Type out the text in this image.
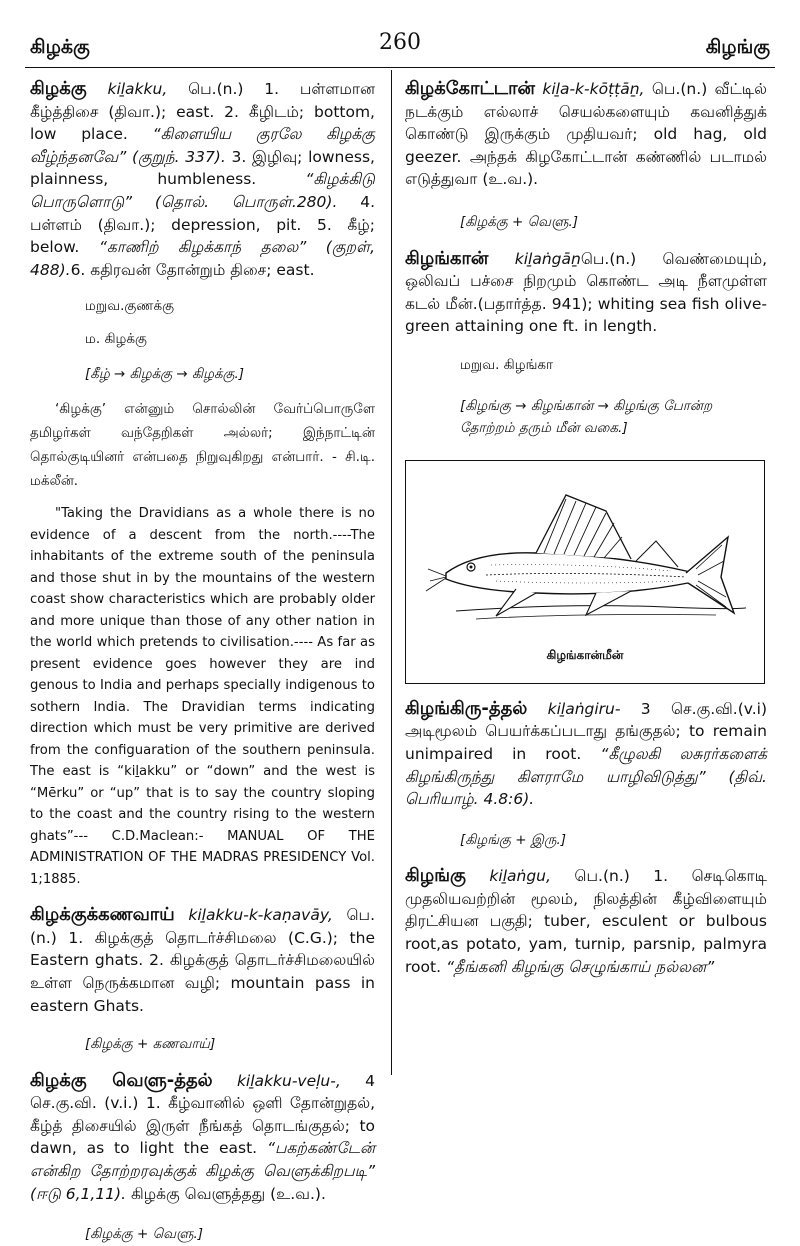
கிழக்கு	260	கிழங்கு

கிழக்கு kiḻakku, பெ.(n.) 1. பள்ளமான கீழ்த்திசை (திவா.); east. 2. கீழிடம்; bottom, low place. “கிளையிய குரலே கிழக்கு வீழ்ந்தனவே” (குறுந். 337). 3. இழிவு; lowness, plainness, humbleness. “கிழக்கிடு பொருளொடு” (தொல். பொருள்.280). 4. பள்ளம் (திவா.); depression, pit. 5. கீழ்; below. “காணிற் கிழக்காந் தலை” (குறள், 488).6. கதிரவன் தோன்றும் திசை; east.

மறுவ.குணக்கு

ம. கிழக்கு

[கீழ் → கிழக்கு → கிழக்கு.]

‘கிழக்கு’ என்னும் சொல்லின் வேர்ப்பொருளே தமிழர்கள் வந்தேறிகள் அல்லர்; இந்நாட்டின் தொல்குடியினர் என்பதை நிறுவுகிறது என்பார். - சி.டி. மக்லீன்.

"Taking the Dravidians as a whole there is no evidence of a descent from the north.----The inhabitants of the extreme south of the peninsula and those shut in by the mountains of the western coast show characteristics which are probably older and more unique than those of any other nation in the world which pretends to civilisation.---- As far as present evidence goes however they are ind genous to India and perhaps specially indigenous to sothern India. The Dravidian terms indicating direction which must be very primitive are derived from the configuaration of the southern peninsula. The east is “kiḻakku” or “down” and the west is “Mērku” or “up” that is to say the country sloping to the coast and the country rising to the western ghats”--- C.D.Maclean:- MANUAL OF THE ADMINISTRATION OF THE MADRAS PRESIDENCY Vol. 1;1885.

கிழக்குக்கணவாய் kiḻakku-k-kaṇavāy, பெ.(n.) 1. கிழக்குத் தொடர்ச்சிமலை (C.G.); the Eastern ghats. 2. கிழக்குத் தொடர்ச்சிமலையில் உள்ள நெருக்கமான வழி; mountain pass in eastern Ghats.

[கிழக்கு + கணவாய்]

கிழக்கு வெளு-த்தல் kiḻakku-veḷu-, 4 செ.கு.வி. (v.i.) 1. கீழ்வானில் ஒளி தோன்றுதல், கீழ்த் திசையில் இருள் நீங்கத் தொடங்குதல்; to dawn, as to light the east. “பகற்கண்டேன் என்கிற தோற்றரவுக்குக் கிழக்கு வெளுக்கிறபடி” (ஈடு 6,1,11). கிழக்கு வெளுத்தது (உ.வ.).

[கிழக்கு + வெளு.]

கிழக்கோட்டான் kiḻa-k-kōṭṭāṉ, பெ.(n.) வீட்டில் நடக்கும் எல்லாச் செயல்களையும் கவனித்துக் கொண்டு இருக்கும் முதியவர்; old hag, old geezer. அந்தக் கிழகோட்டான் கண்ணில் படாமல் எடுத்துவா (உ.வ.).

[கிழக்கு + வெளு.]

கிழங்கான் kiḻaṅgāṉபெ.(n.) வெண்மையும், ஒலிவப் பச்சை நிறமும் கொண்ட அடி நீளமுள்ள கடல் மீன்.(பதார்த்த. 941); whiting sea fish olive-green attaining one ft. in length.

மறுவ. கிழங்கா

[கிழங்கு → கிழங்கான் → கிழங்கு போன்ற தோற்றம் தரும் மீன் வகை.]

கிழங்கான்மீன்

கிழங்கிரு-த்தல் kiḻaṅgiru- 3 செ.கு.வி.(v.i) அடிமூலம் பெயர்க்கப்படாது தங்குதல்; to remain unimpaired in root. “கீழுலகி லசுரர்களைக் கிழங்கிருந்து கிளராமே யாழிவிடுத்து” (திவ். பெரியாழ். 4.8:6).

[கிழங்கு + இரு.]

கிழங்கு kiḻaṅgu, பெ.(n.) 1. செடிகொடி முதலியவற்றின் மூலம், நிலத்தின் கீழ்விளையும் திரட்சியன பகுதி; tuber, esculent or bulbous root,as potato, yam, turnip, parsnip, palmyra root. “தீங்கனி கிழங்கு செழுங்காய் நல்லன”
